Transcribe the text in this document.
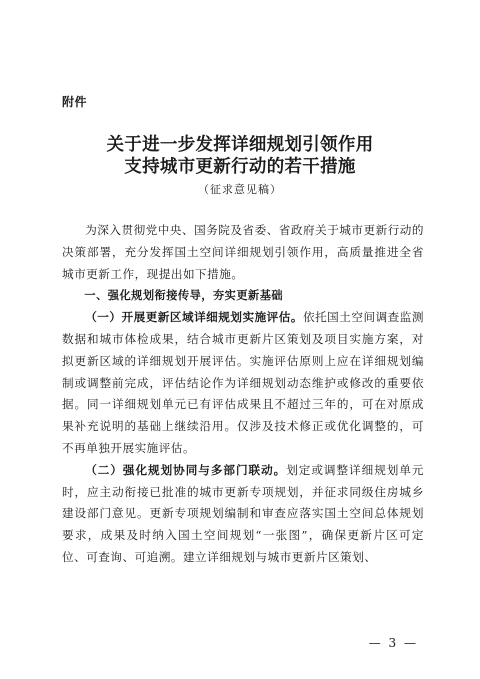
附件
关于进一步发挥详细规划引领作用
支持城市更新行动的若干措施
（征求意见稿）

为深入贯彻党中央、国务院及省委、省政府关于城市更新行动的决策部署，充分发挥国土空间详细规划引领作用，高质量推进全省城市更新工作，现提出如下措施。

一、强化规划衔接传导，夯实更新基础

（一）开展更新区域详细规划实施评估。依托国土空间调查监测数据和城市体检成果，结合城市更新片区策划及项目实施方案，对拟更新区域的详细规划开展评估。实施评估原则上应在详细规划编制或调整前完成，评估结论作为详细规划动态维护或修改的重要依据。同一详细规划单元已有评估成果且不超过三年的，可在对原成果补充说明的基础上继续沿用。仅涉及技术修正或优化调整的，可不再单独开展实施评估。

（二）强化规划协同与多部门联动。划定或调整详细规划单元时，应主动衔接已批准的城市更新专项规划，并征求同级住房城乡建设部门意见。更新专项规划编制和审查应落实国土空间总体规划要求，成果及时纳入国土空间规划“一张图”，确保更新片区可定位、可查询、可追溯。建立详细规划与城市更新片区策划、

— 3 —
